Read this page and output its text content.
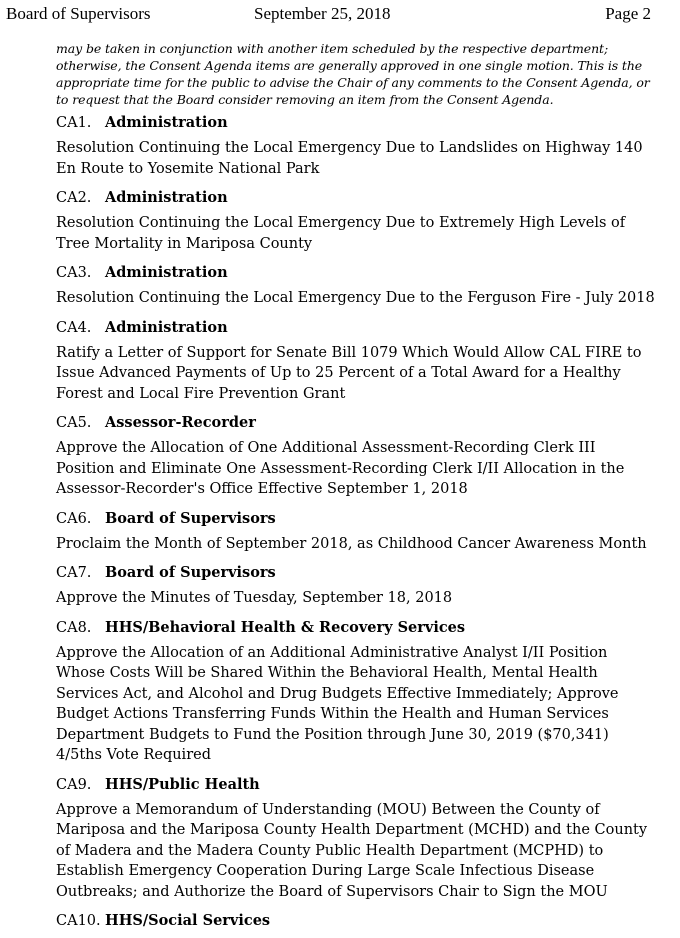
Board of Supervisors	September 25, 2018	Page 2

may be taken in conjunction with another item scheduled by the respective department; otherwise, the Consent Agenda items are generally approved in one single motion. This is the appropriate time for the public to advise the Chair of any comments to the Consent Agenda, or to request that the Board consider removing an item from the Consent Agenda.

CA1. Administration
Resolution Continuing the Local Emergency Due to Landslides on Highway 140 En Route to Yosemite National Park
CA2. Administration
Resolution Continuing the Local Emergency Due to Extremely High Levels of Tree Mortality in Mariposa County
CA3. Administration
Resolution Continuing the Local Emergency Due to the Ferguson Fire - July 2018
CA4. Administration
Ratify a Letter of Support for Senate Bill 1079 Which Would Allow CAL FIRE to Issue Advanced Payments of Up to 25 Percent of a Total Award for a Healthy Forest and Local Fire Prevention Grant
CA5. Assessor-Recorder
Approve the Allocation of One Additional Assessment-Recording Clerk III Position and Eliminate One Assessment-Recording Clerk I/II Allocation in the Assessor-Recorder's Office Effective September 1, 2018
CA6. Board of Supervisors
Proclaim the Month of September 2018, as Childhood Cancer Awareness Month
CA7. Board of Supervisors
Approve the Minutes of Tuesday, September 18, 2018
CA8. HHS/Behavioral Health & Recovery Services
Approve the Allocation of an Additional Administrative Analyst I/II Position Whose Costs Will be Shared Within the Behavioral Health, Mental Health Services Act, and Alcohol and Drug Budgets Effective Immediately; Approve Budget Actions Transferring Funds Within the Health and Human Services Department Budgets to Fund the Position through June 30, 2019 ($70,341) 4/5ths Vote Required
CA9. HHS/Public Health
Approve a Memorandum of Understanding (MOU) Between the County of Mariposa and the Mariposa County Health Department (MCHD) and the County of Madera and the Madera County Public Health Department (MCPHD) to Establish Emergency Cooperation During Large Scale Infectious Disease Outbreaks; and Authorize the Board of Supervisors Chair to Sign the MOU
CA10. HHS/Social Services
